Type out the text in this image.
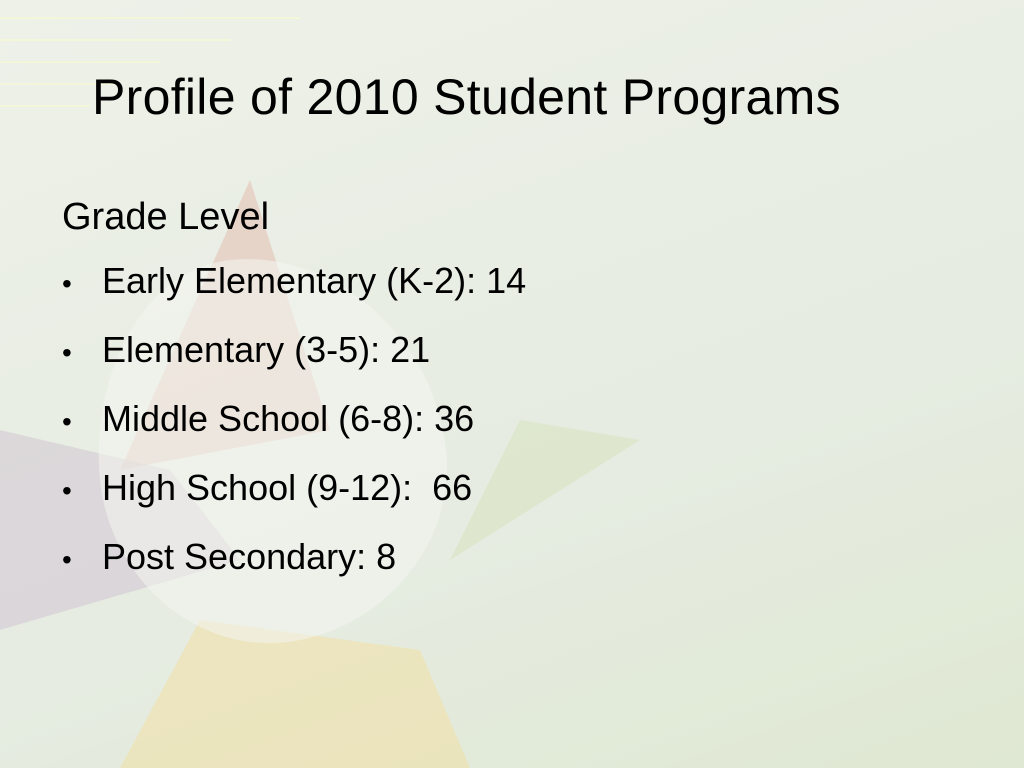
Profile of 2010 Student Programs
Grade Level
• Early Elementary (K-2): 14
• Elementary (3-5): 21
• Middle School (6-8): 36
• High School (9-12):  66
• Post Secondary: 8
